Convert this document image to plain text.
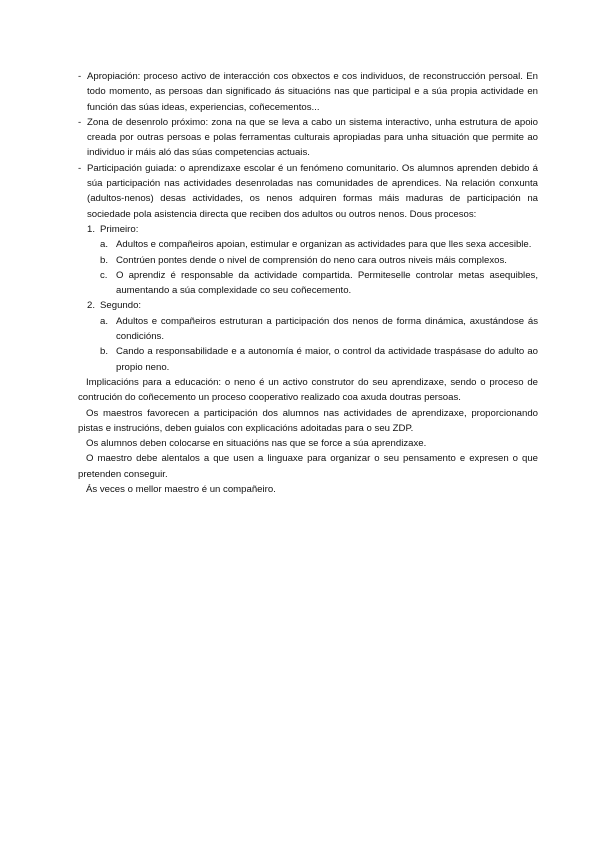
- Apropiación: proceso activo de interacción cos obxectos e cos individuos, de reconstrucción persoal. En todo momento, as persoas dan significado ás situacións nas que participal e a súa propia actividade en función das súas ideas, experiencias, coñecementos...

- Zona de desenrolo próximo: zona na que se leva a cabo un sistema interactivo, unha estrutura de apoio creada por outras persoas e polas ferramentas culturais apropiadas para unha situación que permite ao individuo ir máis aló das súas competencias actuais.

- Participación guiada: o aprendizaxe escolar é un fenómeno comunitario. Os alumnos aprenden debido á súa participación nas actividades desenroladas nas comunidades de aprendices. Na relación conxunta (adultos-nenos) desas actividades, os nenos adquiren formas máis maduras de participación na sociedade pola asistencia directa que reciben dos adultos ou outros nenos. Dous procesos:

1. Primeiro:
a. Adultos e compañeiros apoian, estimular e organizan as actividades para que lles sexa accesible.

b. Contrúen pontes dende o nivel de comprensión do neno cara outros niveis máis complexos.

c. O aprendiz é responsable da actividade compartida. Permiteselle controlar metas asequibles, aumentando a súa complexidade co seu coñecemento.

2. Segundo:
a. Adultos e compañeiros estruturan a participación dos nenos de forma dinámica, axustándose ás condicións.

b. Cando a responsabilidade e a autonomía é maior, o control da actividade traspásase do adulto ao propio neno.

Implicacións para a educación: o neno é un activo construtor do seu aprendizaxe, sendo o proceso de contrución do coñecemento un proceso cooperativo realizado coa axuda doutras persoas.

Os maestros favorecen a participación dos alumnos nas actividades de aprendizaxe, proporcionando pistas e instrucións, deben guialos con explicacións adoitadas para o seu ZDP.

Os alumnos deben colocarse en situacións nas que se force a súa aprendizaxe.

O maestro debe alentalos a que usen a linguaxe para organizar o seu pensamento e expresen o que pretenden conseguir.

Ás veces o mellor maestro é un compañeiro.
